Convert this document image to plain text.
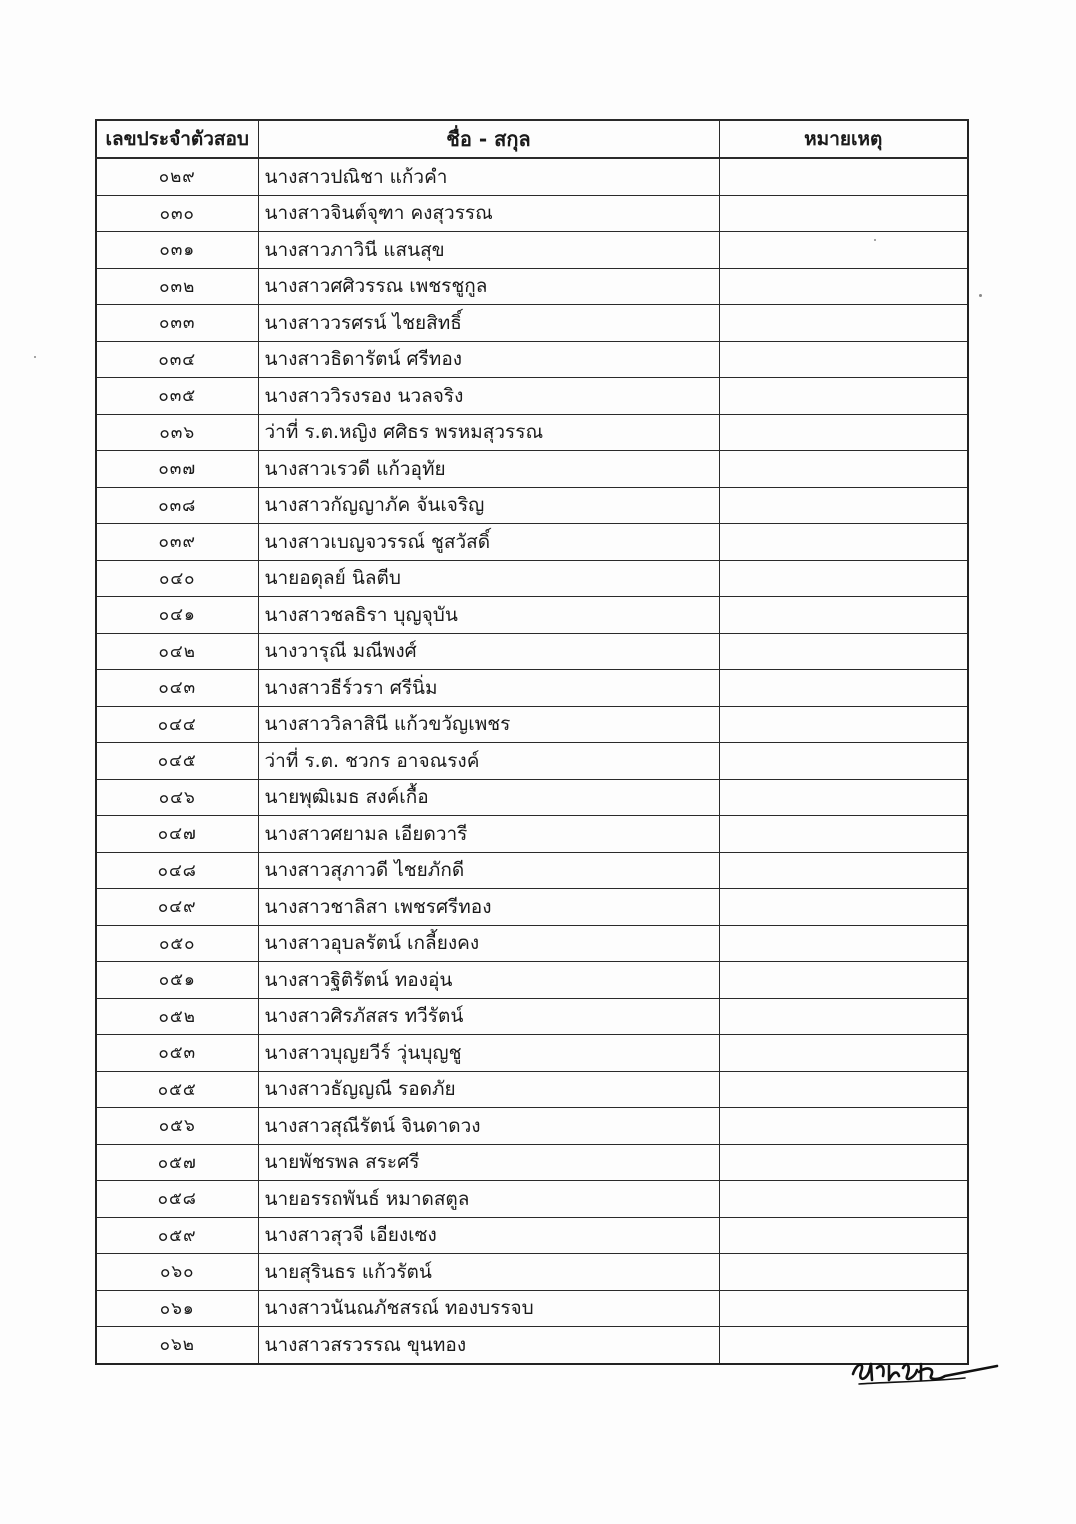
เลขประจำตัวสอบ	ชื่อ - สกุล	หมายเหตุ
๐๒๙	นางสาวปณิชา แก้วคำ	
๐๓๐	นางสาวจินต์จุฑา คงสุวรรณ	
๐๓๑	นางสาวภาวินี แสนสุข	
๐๓๒	นางสาวศศิวรรณ เพชรชูกูล	
๐๓๓	นางสาววรศรน์ ไชยสิทธิ์	
๐๓๔	นางสาวธิดารัตน์ ศรีทอง	
๐๓๕	นางสาววิรงรอง นวลจริง	
๐๓๖	ว่าที่ ร.ต.หญิง ศศิธร พรหมสุวรรณ	
๐๓๗	นางสาวเรวดี แก้วอุทัย	
๐๓๘	นางสาวกัญญาภัค จันเจริญ	
๐๓๙	นางสาวเบญจวรรณ์ ชูสวัสดิ์	
๐๔๐	นายอดุลย์ นิลตีบ	
๐๔๑	นางสาวชลธิรา บุญจุบัน	
๐๔๒	นางวารุณี มณีพงศ์	
๐๔๓	นางสาวธีร์วรา ศรีนิ่ม	
๐๔๔	นางสาววิลาสินี แก้วขวัญเพชร	
๐๔๕	ว่าที่ ร.ต. ชวกร อาจณรงค์	
๐๔๖	นายพุฒิเมธ สงค์เกื้อ	
๐๔๗	นางสาวศยามล เอียดวารี	
๐๔๘	นางสาวสุภาวดี ไชยภักดี	
๐๔๙	นางสาวชาลิสา เพชรศรีทอง	
๐๕๐	นางสาวอุบลรัตน์ เกลี้ยงคง	
๐๕๑	นางสาวฐิติรัตน์ ทองอุ่น	
๐๕๒	นางสาวศิรภัสสร ทวีรัตน์	
๐๕๓	นางสาวบุญยวีร์ วุ่นบุญชู	
๐๕๕	นางสาวธัญญณี รอดภัย	
๐๕๖	นางสาวสุณีรัตน์ จินดาดวง	
๐๕๗	นายพัชรพล สระศรี	
๐๕๘	นายอรรถพันธ์ หมาดสตูล	
๐๕๙	นางสาวสุวจี เอียงเซง	
๐๖๐	นายสุรินธร แก้วรัตน์	
๐๖๑	นางสาวนันณภัชสรณ์ ทองบรรจบ	
๐๖๒	นางสาวสรวรรณ ขุนทอง	
